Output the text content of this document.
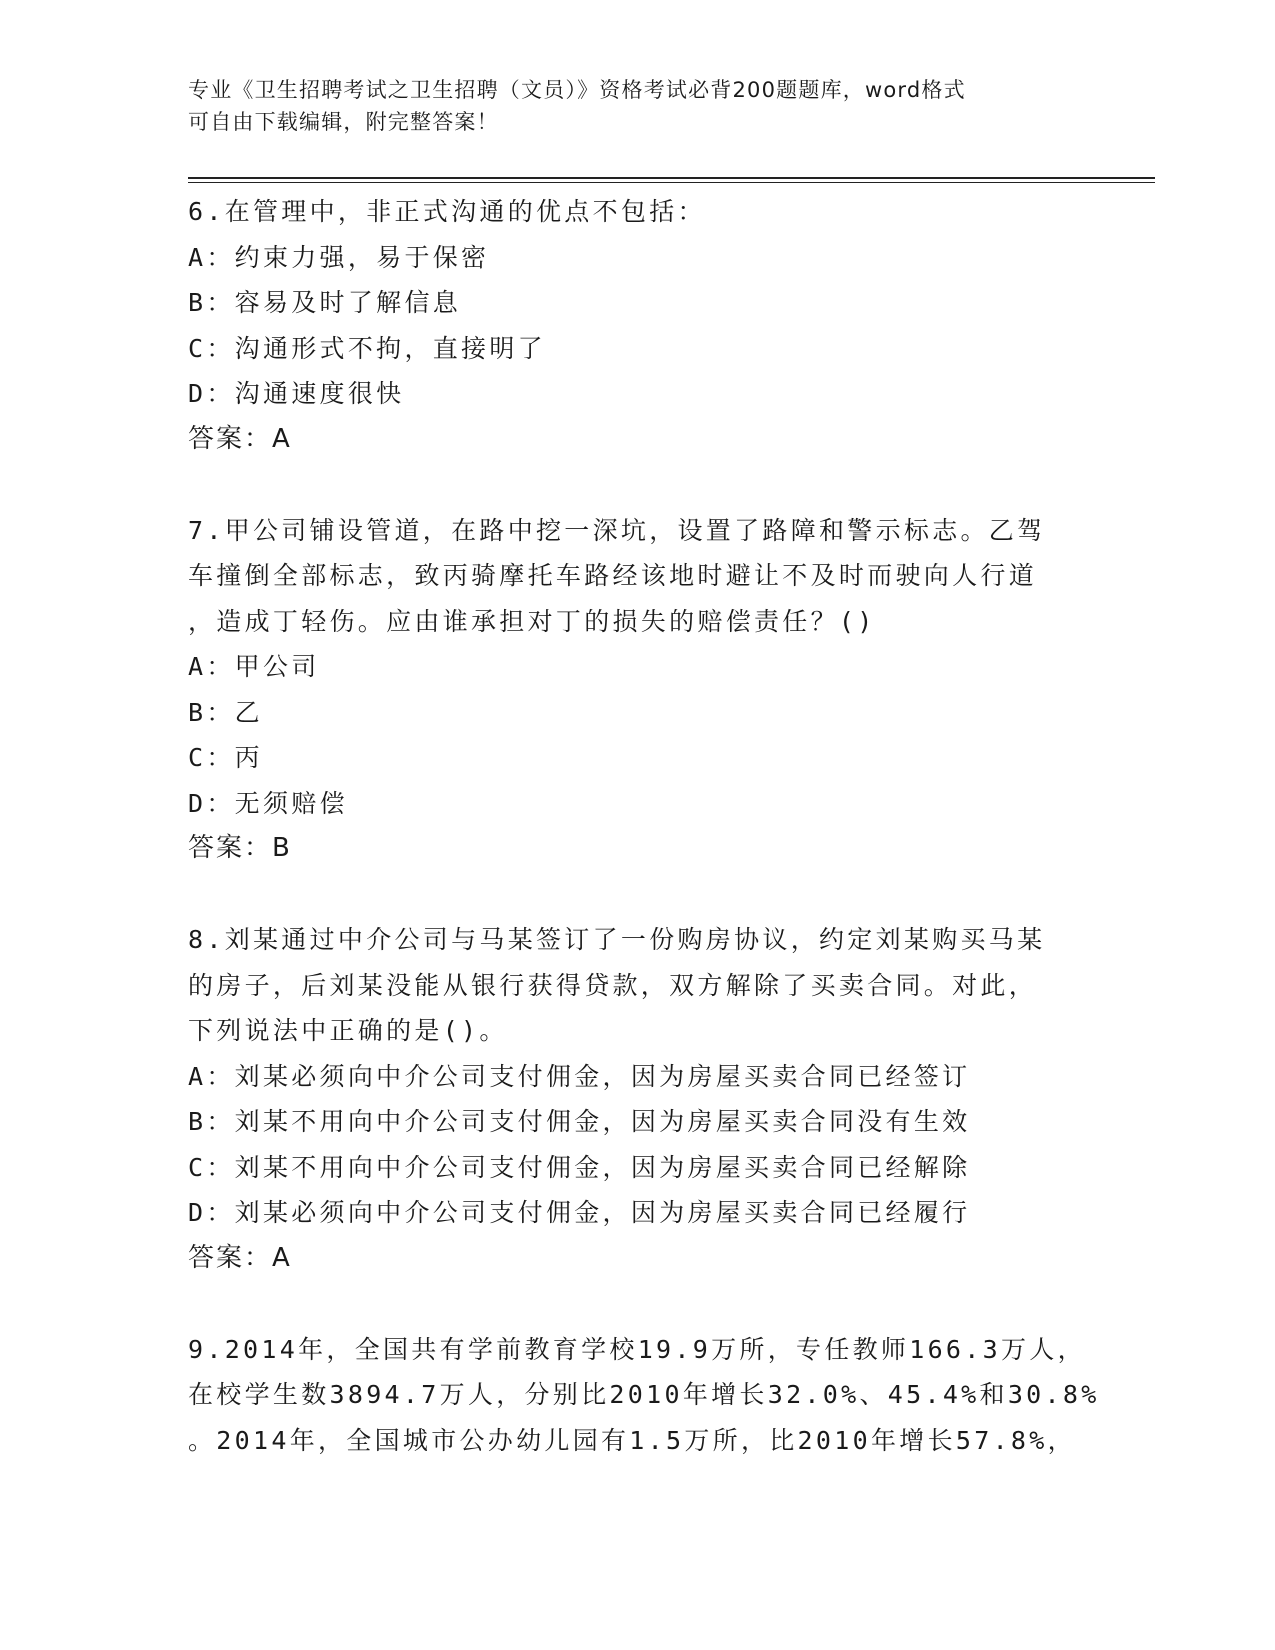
专业《卫生招聘考试之卫生招聘（文员）》资格考试必背200题题库，word格式
可自由下载编辑，附完整答案！
6.在管理中，非正式沟通的优点不包括：
A：约束力强，易于保密
B：容易及时了解信息
C：沟通形式不拘，直接明了
D：沟通速度很快
答案：A
7.甲公司铺设管道，在路中挖一深坑，设置了路障和警示标志。乙驾
车撞倒全部标志，致丙骑摩托车路经该地时避让不及时而驶向人行道
，造成丁轻伤。应由谁承担对丁的损失的赔偿责任？()
A：甲公司
B：乙
C：丙
D：无须赔偿
答案：B
8.刘某通过中介公司与马某签订了一份购房协议，约定刘某购买马某
的房子，后刘某没能从银行获得贷款，双方解除了买卖合同。对此，
下列说法中正确的是()。
A：刘某必须向中介公司支付佣金，因为房屋买卖合同已经签订
B：刘某不用向中介公司支付佣金，因为房屋买卖合同没有生效
C：刘某不用向中介公司支付佣金，因为房屋买卖合同已经解除
D：刘某必须向中介公司支付佣金，因为房屋买卖合同已经履行
答案：A
9.2014年，全国共有学前教育学校19.9万所，专任教师166.3万人，
在校学生数3894.7万人，分别比2010年增长32.0%、45.4%和30.8%
。2014年，全国城市公办幼儿园有1.5万所，比2010年增长57.8%，
